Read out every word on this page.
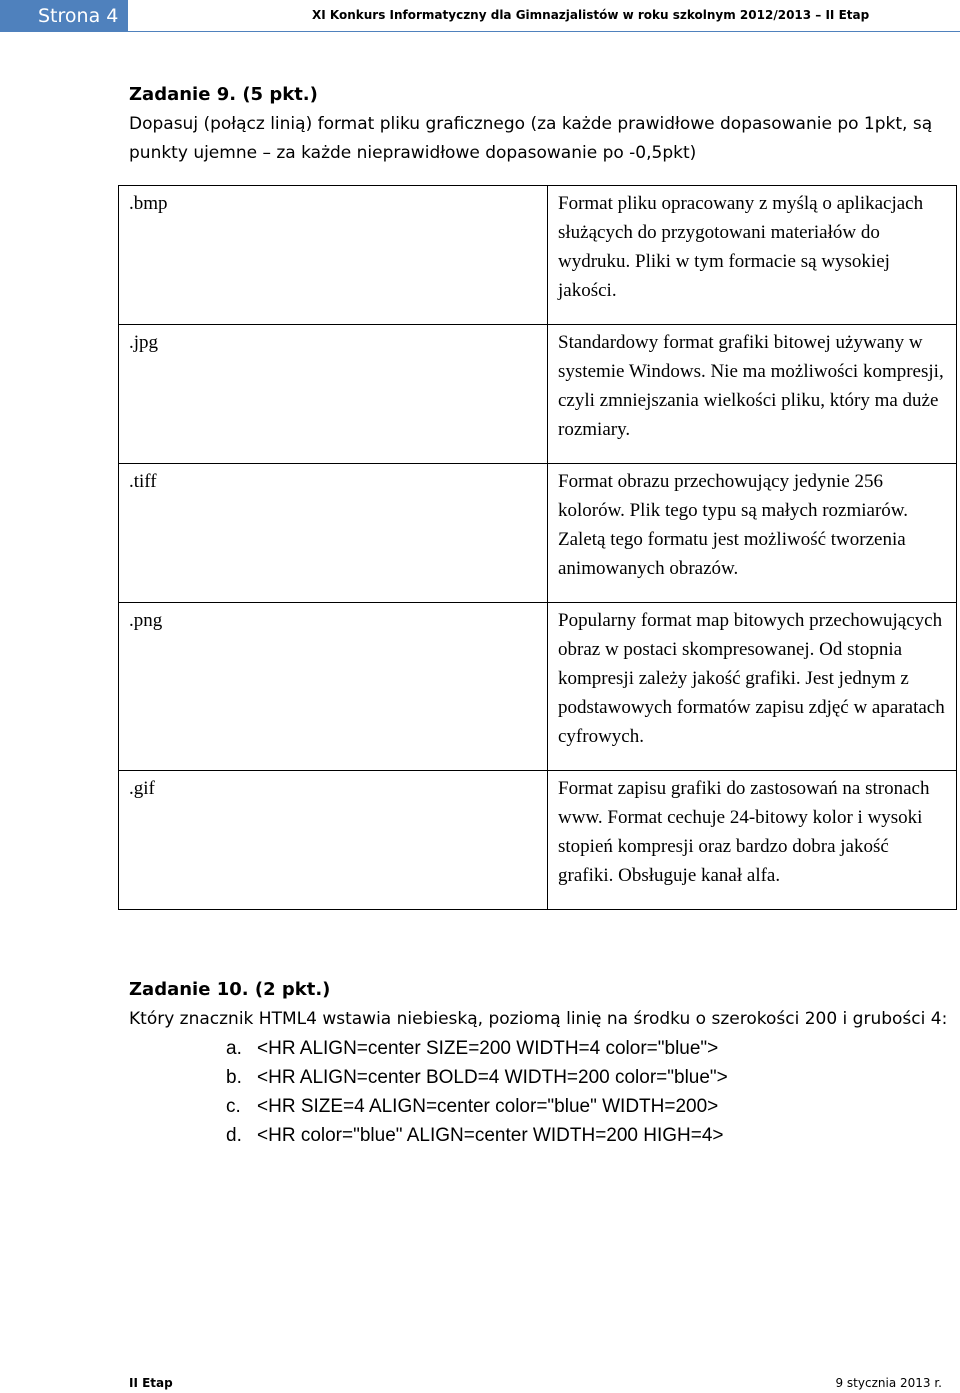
Strona 4	XI Konkurs Informatyczny dla Gimnazjalistów w roku szkolnym 2012/2013 – II Etap
Zadanie 9. (5 pkt.)
Dopasuj (połącz linią) format pliku graficznego (za każde prawidłowe dopasowanie po 1pkt, są punkty ujemne – za każde nieprawidłowe dopasowanie po -0,5pkt)
.bmp	Format pliku opracowany z myślą o aplikacjach służących do przygotowani materiałów do wydruku. Pliki w tym formacie są wysokiej jakości.

.jpg	Standardowy format grafiki bitowej używany w systemie Windows. Nie ma możliwości kompresji, czyli zmniejszania wielkości pliku, który ma duże rozmiary.

.tiff	Format obrazu przechowujący jedynie 256 kolorów. Plik tego typu są małych rozmiarów. Zaletą tego formatu jest możliwość tworzenia animowanych obrazów.

.png	Popularny format map bitowych przechowujących obraz w postaci skompresowanej. Od stopnia kompresji zależy jakość grafiki. Jest jednym z podstawowych formatów zapisu zdjęć w aparatach cyfrowych.

.gif	Format zapisu grafiki do zastosowań na stronach www. Format cechuje 24-bitowy kolor i wysoki stopień kompresji oraz bardzo dobra jakość grafiki. Obsługuje kanał alfa.
Zadanie 10. (2 pkt.)
Który znacznik HTML4 wstawia niebieską, poziomą linię na środku o szerokości 200 i grubości 4:
a. <HR ALIGN=center SIZE=200 WIDTH=4 color="blue">
b. <HR ALIGN=center BOLD=4 WIDTH=200 color="blue">
c. <HR SIZE=4 ALIGN=center color="blue" WIDTH=200>
d. <HR color="blue" ALIGN=center WIDTH=200 HIGH=4>
II Etap	9 stycznia 2013 r.
